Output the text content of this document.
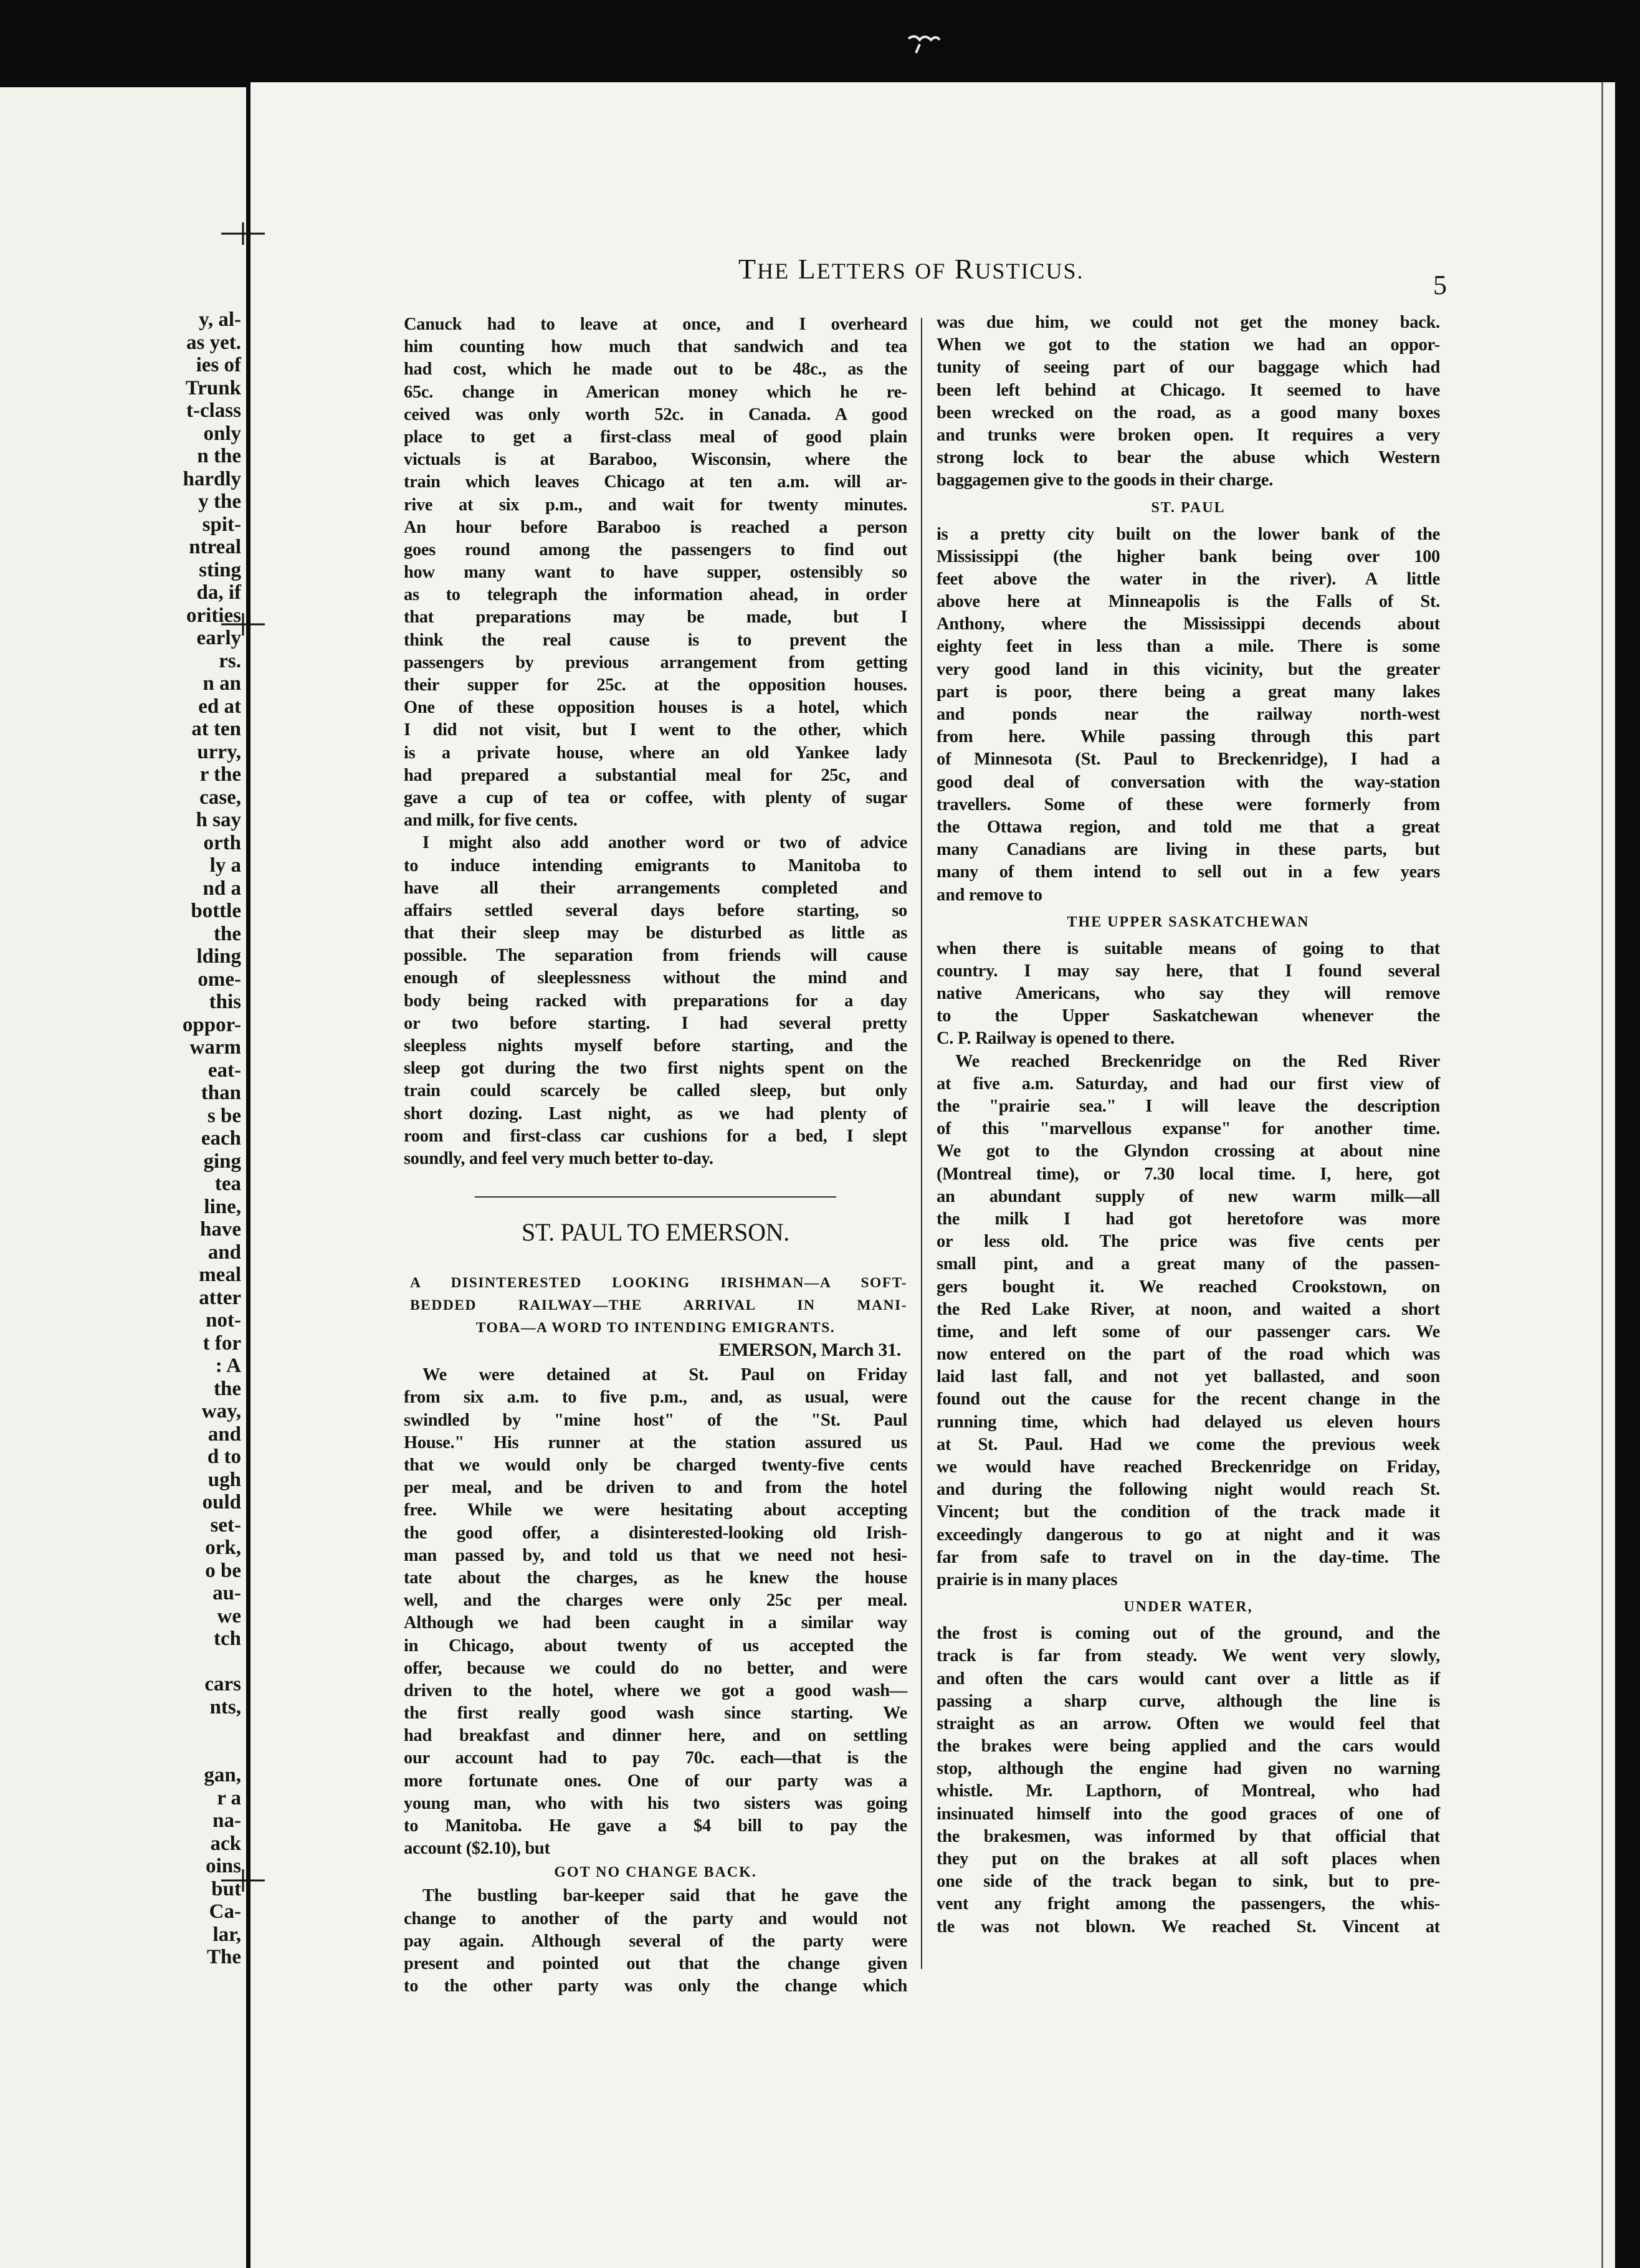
y, al-
as yet.
ies of
Trunk
t-class
only
n the
hardly
y the
spit-
ntreal
sting
da, if
orities
early
rs.
n an
ed at
at ten
urry,
r the
case,
h say
orth
ly a
nd a
bottle
the
lding
ome-
this
oppor-
warm
eat-
than
s be
each
ging
tea
line,
have
and
meal
atter
not-
t for
: A
the
way,
and
d to
ugh
ould
set-
ork,
o be
au-
we
tch
cars
nts,
gan,
r a
na-
ack
oins
but
Ca-
lar,
The
THE LETTERS OF RUSTICUS.	5
Canuck had to leave at once, and I overheard
him counting how much that sandwich and tea
had cost, which he made out to be 48c., as the
65c. change in American money which he re-
ceived was only worth 52c. in Canada. A good
place to get a first-class meal of good plain
victuals is at Baraboo, Wisconsin, where the
train which leaves Chicago at ten a.m. will ar-
rive at six p.m., and wait for twenty minutes.
An hour before Baraboo is reached a person
goes round among the passengers to find out
how many want to have supper, ostensibly so
as to telegraph the information ahead, in order
that preparations may be made, but I
think the real cause is to prevent the
passengers by previous arrangement from getting
their supper for 25c. at the opposition houses.
One of these opposition houses is a hotel, which
I did not visit, but I went to the other, which
is a private house, where an old Yankee lady
had prepared a substantial meal for 25c, and
gave a cup of tea or coffee, with plenty of sugar
and milk, for five cents.
I might also add another word or two of advice
to induce intending emigrants to Manitoba to
have all their arrangements completed and
affairs settled several days before starting, so
that their sleep may be disturbed as little as
possible. The separation from friends will cause
enough of sleeplessness without the mind and
body being racked with preparations for a day
or two before starting. I had several pretty
sleepless nights myself before starting, and the
sleep got during the two first nights spent on the
train could scarcely be called sleep, but only
short dozing. Last night, as we had plenty of
room and first-class car cushions for a bed, I slept
soundly, and feel very much better to-day.
ST. PAUL TO EMERSON.
A DISINTERESTED LOOKING IRISHMAN—A SOFT-
BEDDED RAILWAY—THE ARRIVAL IN MANI-
TOBA—A WORD TO INTENDING EMIGRANTS.
EMERSON, March 31.
We were detained at St. Paul on Friday
from six a.m. to five p.m., and, as usual, were
swindled by "mine host" of the "St. Paul
House." His runner at the station assured us
that we would only be charged twenty-five cents
per meal, and be driven to and from the hotel
free. While we were hesitating about accepting
the good offer, a disinterested-looking old Irish-
man passed by, and told us that we need not hesi-
tate about the charges, as he knew the house
well, and the charges were only 25c per meal.
Although we had been caught in a similar way
in Chicago, about twenty of us accepted the
offer, because we could do no better, and were
driven to the hotel, where we got a good wash—
the first really good wash since starting. We
had breakfast and dinner here, and on settling
our account had to pay 70c. each—that is the
more fortunate ones. One of our party was a
young man, who with his two sisters was going
to Manitoba. He gave a $4 bill to pay the
account ($2.10), but
GOT NO CHANGE BACK.
The bustling bar-keeper said that he gave the
change to another of the party and would not
pay again. Although several of the party were
present and pointed out that the change given
to the other party was only the change which
was due him, we could not get the money back.
When we got to the station we had an oppor-
tunity of seeing part of our baggage which had
been left behind at Chicago. It seemed to have
been wrecked on the road, as a good many boxes
and trunks were broken open. It requires a very
strong lock to bear the abuse which Western
baggagemen give to the goods in their charge.
ST. PAUL
is a pretty city built on the lower bank of the
Mississippi (the higher bank being over 100
feet above the water in the river). A little
above here at Minneapolis is the Falls of St.
Anthony, where the Mississippi decends about
eighty feet in less than a mile. There is some
very good land in this vicinity, but the greater
part is poor, there being a great many lakes
and ponds near the railway north-west
from here. While passing through this part
of Minnesota (St. Paul to Breckenridge), I had a
good deal of conversation with the way-station
travellers. Some of these were formerly from
the Ottawa region, and told me that a great
many Canadians are living in these parts, but
many of them intend to sell out in a few years
and remove to
THE UPPER SASKATCHEWAN
when there is suitable means of going to that
country. I may say here, that I found several
native Americans, who say they will remove
to the Upper Saskatchewan whenever the
C. P. Railway is opened to there.
We reached Breckenridge on the Red River
at five a.m. Saturday, and had our first view of
the "prairie sea." I will leave the description
of this "marvellous expanse" for another time.
We got to the Glyndon crossing at about nine
(Montreal time), or 7.30 local time. I, here, got
an abundant supply of new warm milk—all
the milk I had got heretofore was more
or less old. The price was five cents per
small pint, and a great many of the passen-
gers bought it. We reached Crookstown, on
the Red Lake River, at noon, and waited a short
time, and left some of our passenger cars. We
now entered on the part of the road which was
laid last fall, and not yet ballasted, and soon
found out the cause for the recent change in the
running time, which had delayed us eleven hours
at St. Paul. Had we come the previous week
we would have reached Breckenridge on Friday,
and during the following night would reach St.
Vincent; but the condition of the track made it
exceedingly dangerous to go at night and it was
far from safe to travel on in the day-time. The
prairie is in many places
UNDER WATER,
the frost is coming out of the ground, and the
track is far from steady. We went very slowly,
and often the cars would cant over a little as if
passing a sharp curve, although the line is
straight as an arrow. Often we would feel that
the brakes were being applied and the cars would
stop, although the engine had given no warning
whistle. Mr. Lapthorn, of Montreal, who had
insinuated himself into the good graces of one of
the brakesmen, was informed by that official that
they put on the brakes at all soft places when
one side of the track began to sink, but to pre-
vent any fright among the passengers, the whis-
tle was not blown. We reached St. Vincent at
